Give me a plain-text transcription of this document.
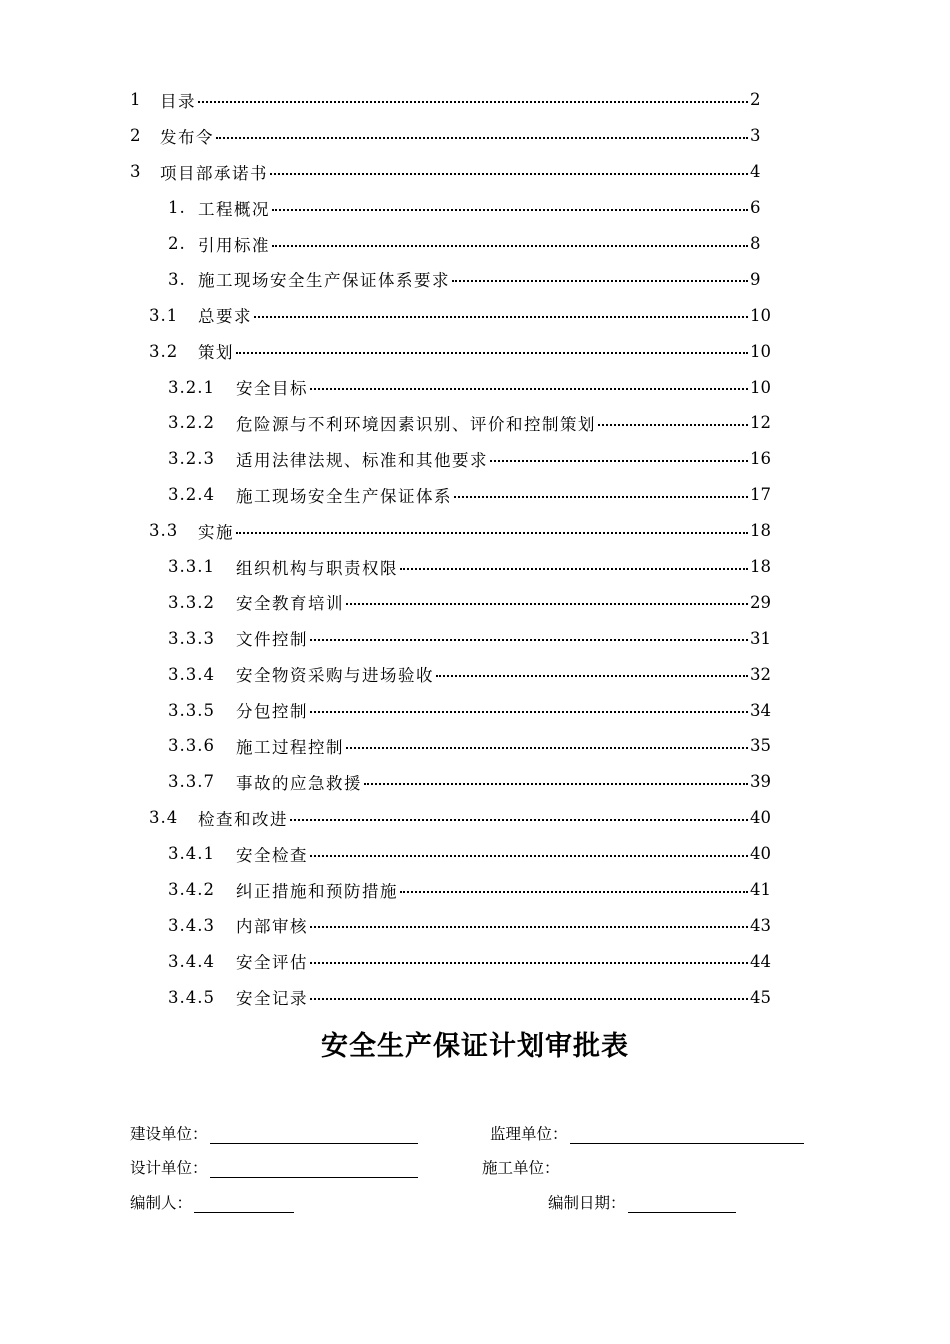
1	目录	2
2	发布令	3
3	项目部承诺书	4
1. 工程概况	6
2. 引用标准	8
3. 施工现场安全生产保证体系要求	9
3.1	总要求	10
3.2	策划	10
3.2.1	安全目标	10
3.2.2	危险源与不利环境因素识别、评价和控制策划	12
3.2.3	适用法律法规、标准和其他要求	16
3.2.4	施工现场安全生产保证体系	17
3.3	实施	18
3.3.1	组织机构与职责权限	18
3.3.2	安全教育培训	29
3.3.3	文件控制	31
3.3.4	安全物资采购与进场验收	32
3.3.5	分包控制	34
3.3.6	施工过程控制	35
3.3.7	事故的应急救援	39
3.4	检查和改进	40
3.4.1	安全检查	40
3.4.2	纠正措施和预防措施	41
3.4.3	内部审核	43
3.4.4	安全评估	44
3.4.5	安全记录	45
安全生产保证计划审批表
建设单位：	监理单位：
设计单位：	施工单位：
编制人：	编制日期：
